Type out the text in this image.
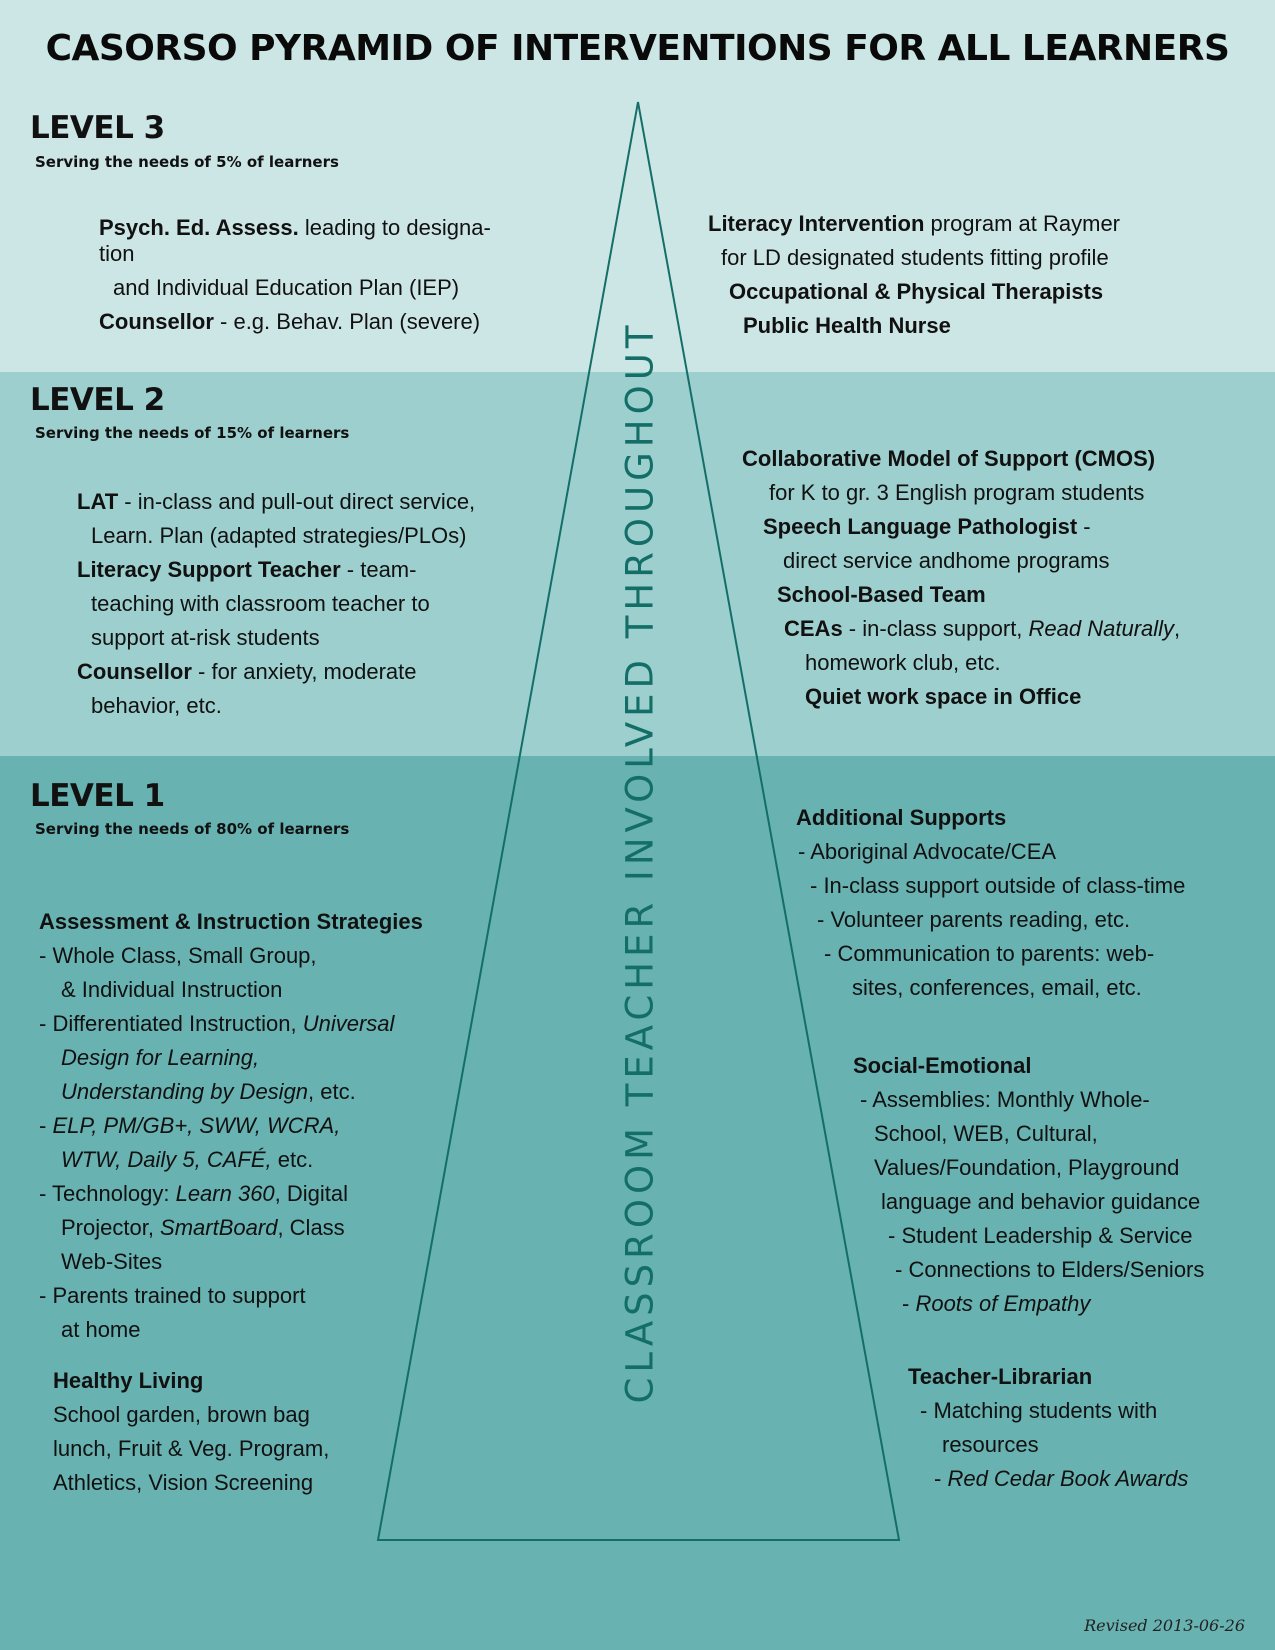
CLASSROOM TEACHER INVOLVED THROUGHOUT
CASORSO PYRAMID OF INTERVENTIONS FOR ALL LEARNERS
LEVEL 3
Serving the needs of 5% of learners
Psych. Ed. Assess. leading to designa-
tion
and Individual Education Plan (IEP)
Counsellor - e.g. Behav. Plan (severe)
Literacy Intervention program at Raymer
for LD designated students fitting profile
Occupational & Physical Therapists
Public Health Nurse
LEVEL 2
Serving the needs of 15% of learners
LAT - in-class and pull-out direct service,
Learn. Plan (adapted strategies/PLOs)
Literacy Support Teacher - team-
teaching with classroom teacher to
support at-risk students
Counsellor - for anxiety, moderate
behavior, etc.
Collaborative Model of Support (CMOS)
for K to gr. 3 English program students
Speech Language Pathologist -
direct service andhome programs
School-Based Team
CEAs - in-class support, Read Naturally,
homework club, etc.
Quiet work space in Office
LEVEL 1
Serving the needs of 80% of learners
Assessment & Instruction Strategies
- Whole Class, Small Group,
& Individual Instruction
- Differentiated Instruction, Universal
Design for Learning,
Understanding by Design, etc.
- ELP, PM/GB+, SWW, WCRA,
WTW, Daily 5, CAFÉ, etc.
- Technology: Learn 360, Digital
Projector, SmartBoard, Class
Web-Sites
- Parents trained to support
at home
Healthy Living
School garden, brown bag
lunch, Fruit & Veg. Program,
Athletics, Vision Screening
Additional Supports
- Aboriginal Advocate/CEA
- In-class support outside of class-time
- Volunteer parents reading, etc.
- Communication to parents: web-
sites, conferences, email, etc.
Social-Emotional
- Assemblies: Monthly Whole-
School, WEB, Cultural,
Values/Foundation, Playground
language and behavior guidance
- Student Leadership & Service
- Connections to Elders/Seniors
- Roots of Empathy
Teacher-Librarian
- Matching students with
resources
- Red Cedar Book Awards
Revised 2013-06-26
